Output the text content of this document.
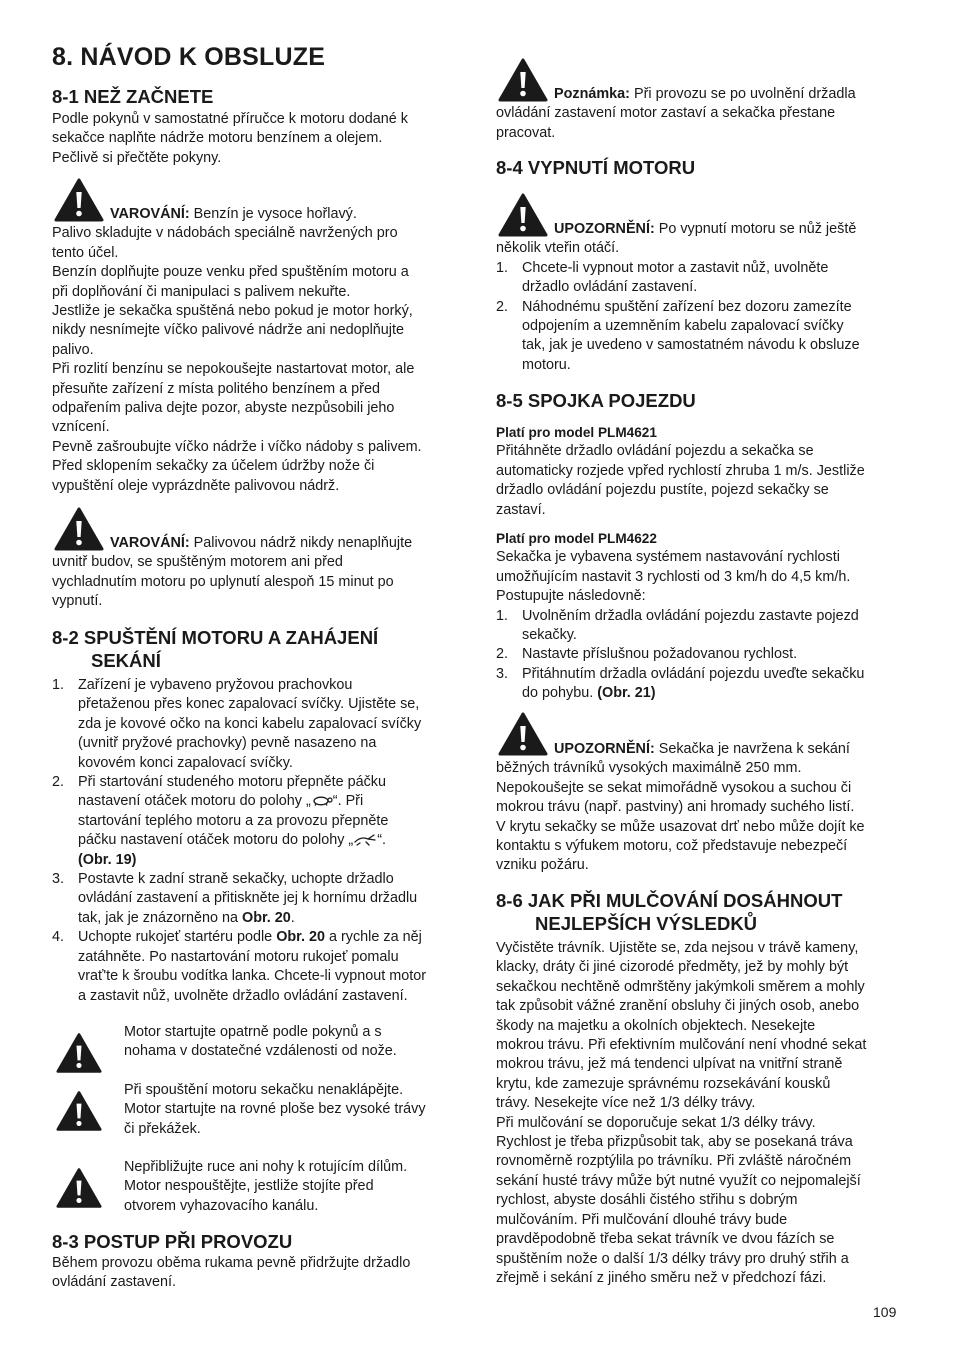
8. NÁVOD K OBSLUZE
8-1 NEŽ ZAČNETE
Podle pokynů v samostatné příručce k motoru dodané k
sekačce naplňte nádrže motoru benzínem a olejem.
Pečlivě si přečtěte pokyny.
VAROVÁNÍ: Benzín je vysoce hořlavý.
Palivo skladujte v nádobách speciálně navržených pro
tento účel.
Benzín doplňujte pouze venku před spuštěním motoru a
při doplňování či manipulaci s palivem nekuřte.
Jestliže je sekačka spuštěná nebo pokud je motor horký,
nikdy nesnímejte víčko palivové nádrže ani nedoplňujte
palivo.
Při rozlití benzínu se nepokoušejte nastartovat motor, ale
přesuňte zařízení z místa politého benzínem a před
odpařením paliva dejte pozor, abyste nezpůsobili jeho
vznícení.
Pevně zašroubujte víčko nádrže i víčko nádoby s palivem.
Před sklopením sekačky za účelem údržby nože či
vypuštění oleje vyprázdněte palivovou nádrž.
VAROVÁNÍ: Palivovou nádrž nikdy nenaplňujte
uvnitř budov, se spuštěným motorem ani před
vychladnutím motoru po uplynutí alespoň 15 minut po
vypnutí.
8-2 SPUŠTĚNÍ MOTORU A ZAHÁJENÍ
SEKÁNÍ
1. Zařízení je vybaveno pryžovou prachovkou
přetaženou přes konec zapalovací svíčky. Ujistěte se,
zda je kovové očko na konci kabelu zapalovací svíčky
(uvnitř pryžové prachovky) pevně nasazeno na
kovovém konci zapalovací svíčky.
2. Při startování studeného motoru přepněte páčku
nastavení otáček motoru do polohy „ “. Při
startování teplého motoru a za provozu přepněte
páčku nastavení otáček motoru do polohy „ “.
(Obr. 19)
3. Postavte k zadní straně sekačky, uchopte držadlo
ovládání zastavení a přitiskněte jej k hornímu držadlu
tak, jak je znázorněno na Obr. 20.
4. Uchopte rukojeť startéru podle Obr. 20 a rychle za něj
zatáhněte. Po nastartování motoru rukojeť pomalu
vrať'te k šroubu vodítka lanka. Chcete-li vypnout motor
a zastavit nůž, uvolněte držadlo ovládání zastavení.
Motor startujte opatrně podle pokynů a s
nohama v dostatečné vzdálenosti od nože.
Při spouštění motoru sekačku nenaklápějte.
Motor startujte na rovné ploše bez vysoké trávy
či překážek.
Nepřibližujte ruce ani nohy k rotujícím dílům.
Motor nespouštějte, jestliže stojíte před
otvorem vyhazovacího kanálu.
8-3 POSTUP PŘI PROVOZU
Během provozu oběma rukama pevně přidržujte držadlo
ovládání zastavení.
Poznámka: Při provozu se po uvolnění držadla
ovládání zastavení motor zastaví a sekačka přestane
pracovat.
8-4 VYPNUTÍ MOTORU
UPOZORNĚNÍ: Po vypnutí motoru se nůž ještě
několik vteřin otáčí.
1. Chcete-li vypnout motor a zastavit nůž, uvolněte
držadlo ovládání zastavení.
2. Náhodnému spuštění zařízení bez dozoru zamezíte
odpojením a uzemněním kabelu zapalovací svíčky
tak, jak je uvedeno v samostatném návodu k obsluze
motoru.
8-5 SPOJKA POJEZDU
Platí pro model PLM4621
Přitáhněte držadlo ovládání pojezdu a sekačka se
automaticky rozjede vpřed rychlostí zhruba 1 m/s. Jestliže
držadlo ovládání pojezdu pustíte, pojezd sekačky se
zastaví.
Platí pro model PLM4622
Sekačka je vybavena systémem nastavování rychlosti
umožňujícím nastavit 3 rychlosti od 3 km/h do 4,5 km/h.
Postupujte následovně:
1. Uvolněním držadla ovládání pojezdu zastavte pojezd
sekačky.
2. Nastavte příslušnou požadovanou rychlost.
3. Přitáhnutím držadla ovládání pojezdu uveďte sekačku
do pohybu. (Obr. 21)
UPOZORNĚNÍ: Sekačka je navržena k sekání
běžných trávníků vysokých maximálně 250 mm.
Nepokoušejte se sekat mimořádně vysokou a suchou či
mokrou trávu (např. pastviny) ani hromady suchého listí.
V krytu sekačky se může usazovat drť nebo může dojít ke
kontaktu s výfukem motoru, což představuje nebezpečí
vzniku požáru.
8-6 JAK PŘI MULČOVÁNÍ DOSÁHNOUT
NEJLEPŠÍCH VÝSLEDKŮ
Vyčistěte trávník. Ujistěte se, zda nejsou v trávě kameny,
klacky, dráty či jiné cizorodé předměty, jež by mohly být
sekačkou nechtěně odmrštěny jakýmkoli směrem a mohly
tak způsobit vážné zranění obsluhy či jiných osob, anebo
škody na majetku a okolních objektech. Nesekejte
mokrou trávu. Při efektivním mulčování není vhodné sekat
mokrou trávu, jež má tendenci ulpívat na vnitřní straně
krytu, kde zamezuje správnému rozsekávání kousků
trávy. Nesekejte více než 1/3 délky trávy.
Při mulčování se doporučuje sekat 1/3 délky trávy.
Rychlost je třeba přizpůsobit tak, aby se posekaná tráva
rovnoměrně rozptýlila po trávníku. Při zvláště náročném
sekání husté trávy může být nutné využít co nejpomalejší
rychlost, abyste dosáhli čistého střihu s dobrým
mulčováním. Při mulčování dlouhé trávy bude
pravděpodobně třeba sekat trávník ve dvou fázích se
spuštěním nože o další 1/3 délky trávy pro druhý střih a
zřejmě i sekání z jiného směru než v předchozí fázi.
109
